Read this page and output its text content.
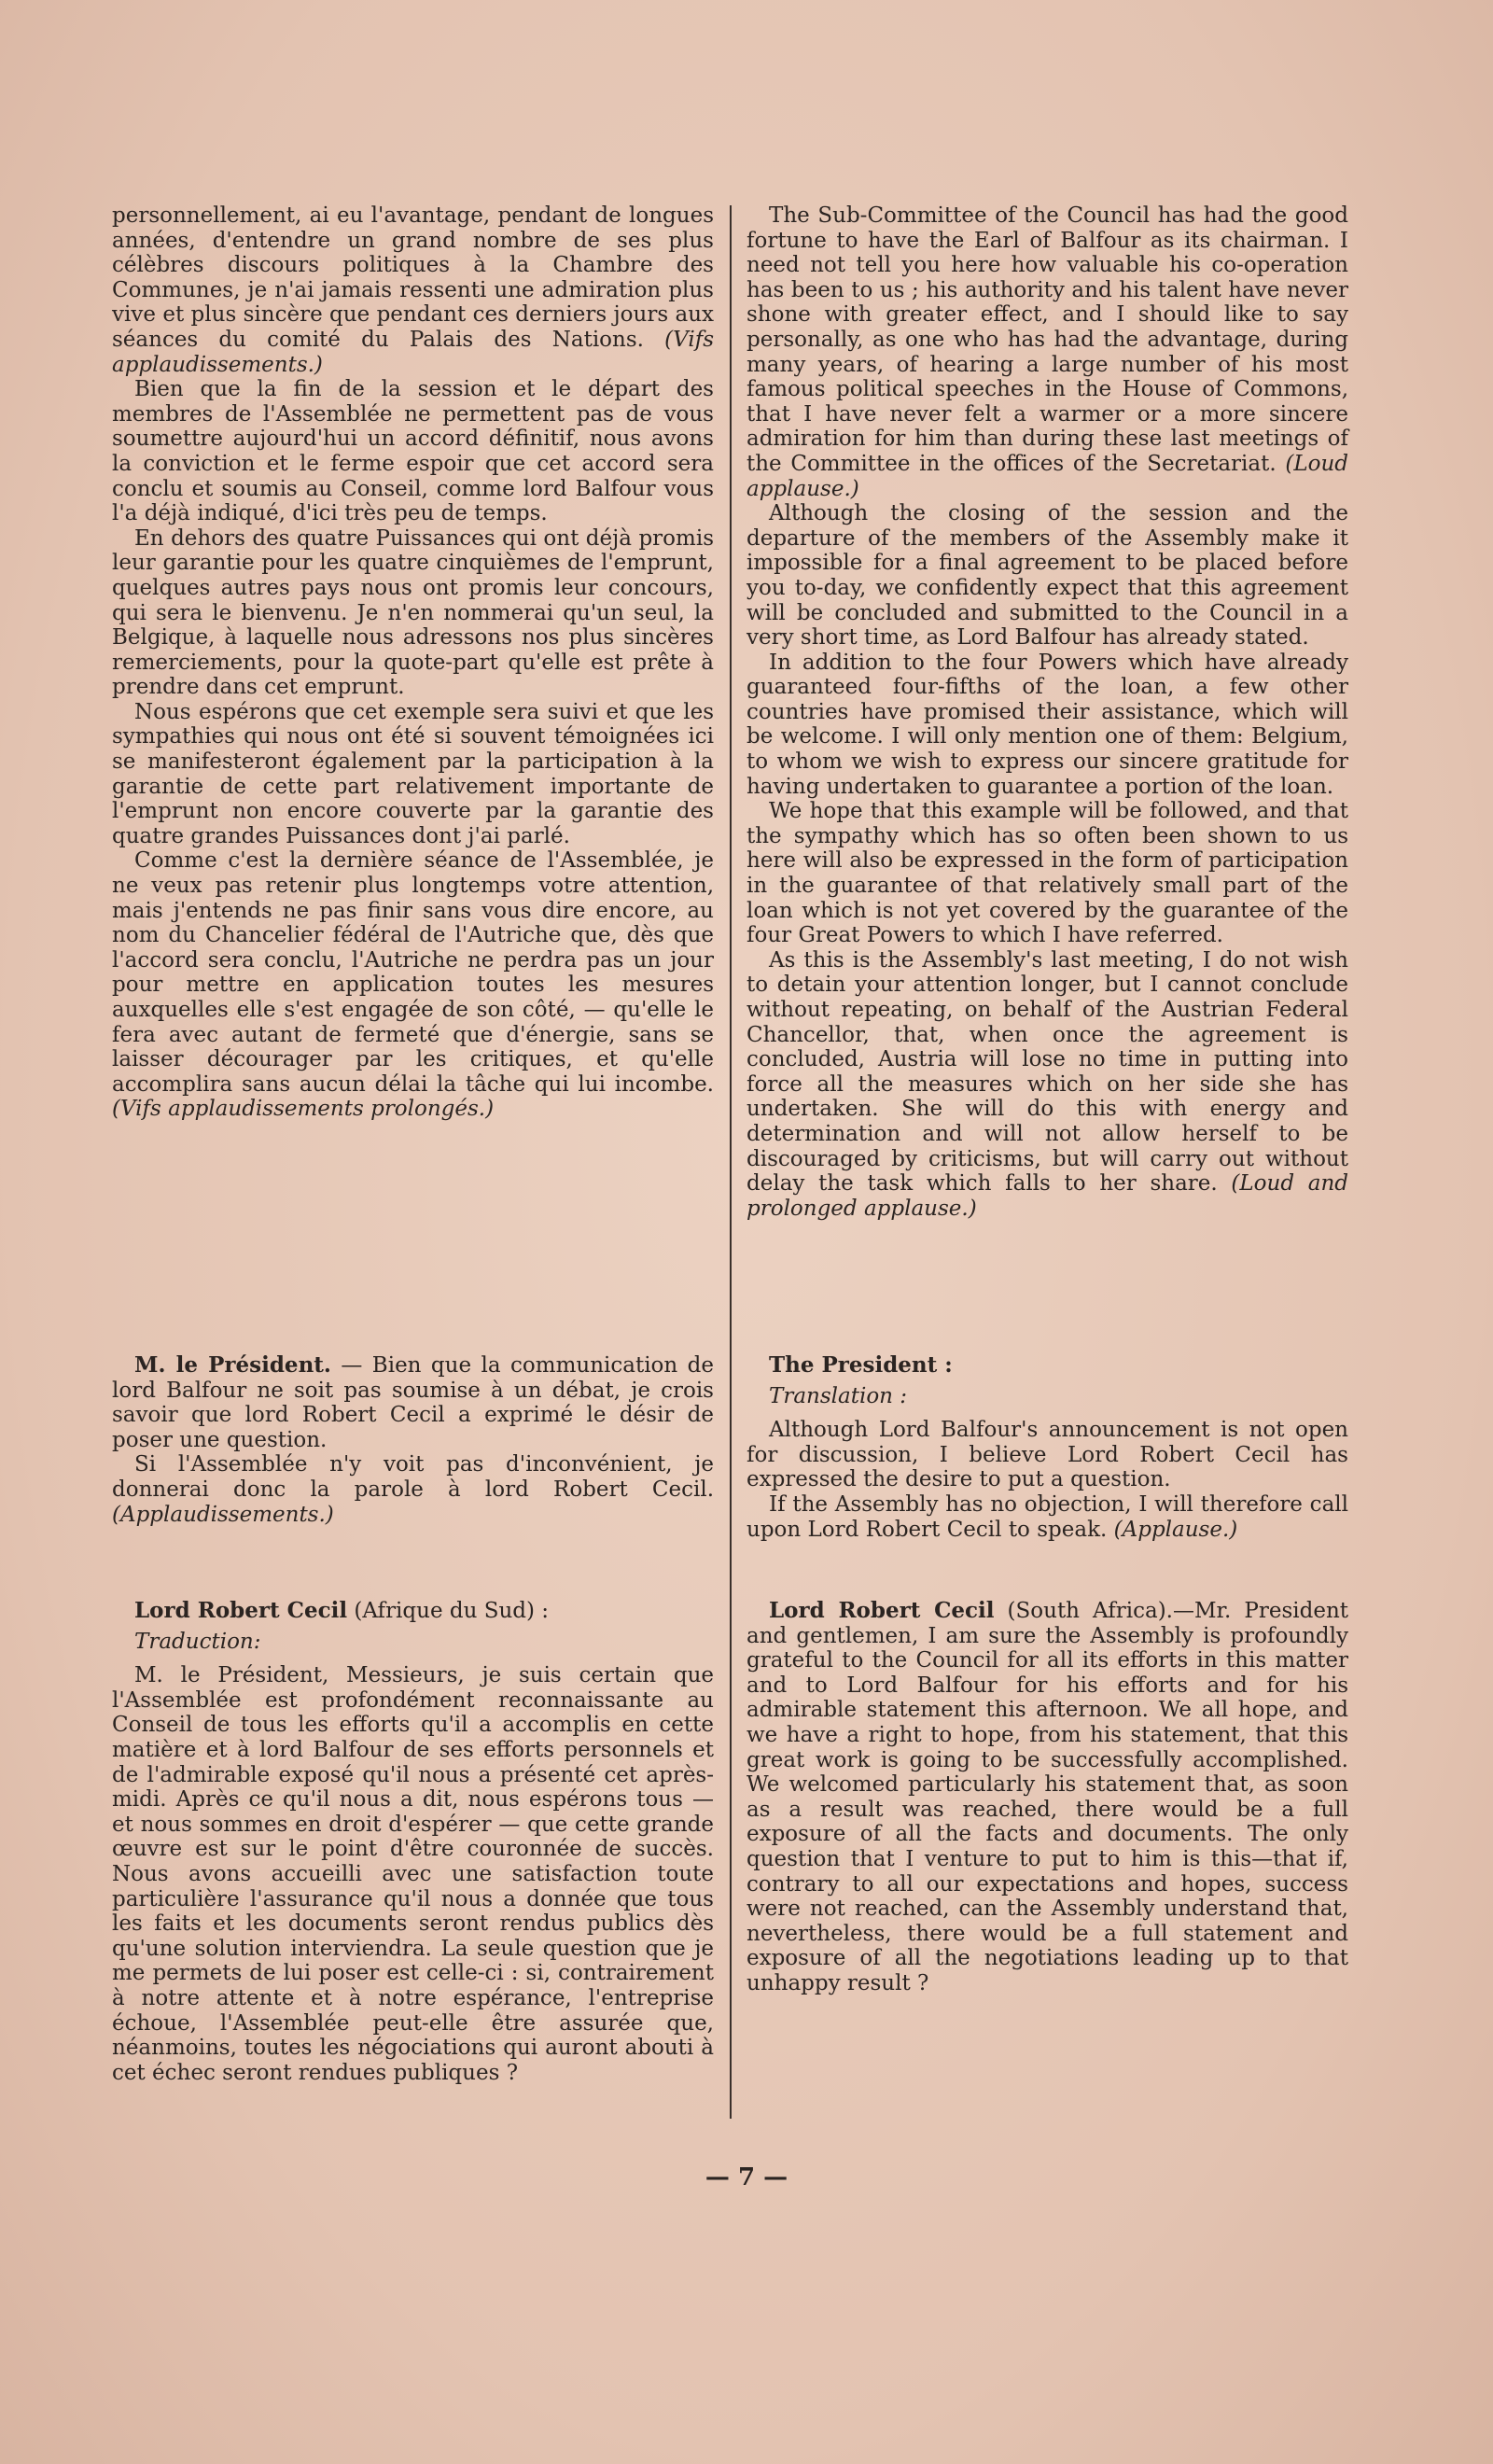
personnellement, ai eu l'avantage, pendant de longues années, d'entendre un grand nombre de ses plus célèbres discours politiques à la Chambre des Communes, je n'ai jamais ressenti une admiration plus vive et plus sincère que pendant ces derniers jours aux séances du comité du Palais des Nations. (Vifs applaudissements.)

Bien que la fin de la session et le départ des membres de l'Assemblée ne permettent pas de vous soumettre aujourd'hui un accord définitif, nous avons la conviction et le ferme espoir que cet accord sera conclu et soumis au Conseil, comme lord Balfour vous l'a déjà indiqué, d'ici très peu de temps.

En dehors des quatre Puissances qui ont déjà promis leur garantie pour les quatre cinquièmes de l'emprunt, quelques autres pays nous ont promis leur concours, qui sera le bienvenu. Je n'en nommerai qu'un seul, la Belgique, à laquelle nous adressons nos plus sincères remerciements, pour la quote-part qu'elle est prête à prendre dans cet emprunt.

Nous espérons que cet exemple sera suivi et que les sympathies qui nous ont été si souvent témoignées ici se manifesteront également par la participation à la garantie de cette part relativement importante de l'emprunt non encore couverte par la garantie des quatre grandes Puissances dont j'ai parlé.

Comme c'est la dernière séance de l'Assemblée, je ne veux pas retenir plus longtemps votre attention, mais j'entends ne pas finir sans vous dire encore, au nom du Chancelier fédéral de l'Autriche que, dès que l'accord sera conclu, l'Autriche ne perdra pas un jour pour mettre en application toutes les mesures auxquelles elle s'est engagée de son côté, — qu'elle le fera avec autant de fermeté que d'énergie, sans se laisser décourager par les critiques, et qu'elle accomplira sans aucun délai la tâche qui lui incombe. (Vifs applaudissements prolongés.)

M. le Président. — Bien que la communication de lord Balfour ne soit pas soumise à un débat, je crois savoir que lord Robert Cecil a exprimé le désir de poser une question.

Si l'Assemblée n'y voit pas d'inconvénient, je donnerai donc la parole à lord Robert Cecil. (Applaudissements.)

Lord Robert Cecil (Afrique du Sud) :

Traduction:

M. le Président, Messieurs, je suis certain que l'Assemblée est profondément reconnaissante au Conseil de tous les efforts qu'il a accomplis en cette matière et à lord Balfour de ses efforts personnels et de l'admirable exposé qu'il nous a présenté cet après-midi. Après ce qu'il nous a dit, nous espérons tous — et nous sommes en droit d'espérer — que cette grande œuvre est sur le point d'être couronnée de succès. Nous avons accueilli avec une satisfaction toute particulière l'assurance qu'il nous a donnée que tous les faits et les documents seront rendus publics dès qu'une solution interviendra. La seule question que je me permets de lui poser est celle-ci : si, contrairement à notre attente et à notre espérance, l'entreprise échoue, l'Assemblée peut-elle être assurée que, néanmoins, toutes les négociations qui auront abouti à cet échec seront rendues publiques ?

The Sub-Committee of the Council has had the good fortune to have the Earl of Balfour as its chairman. I need not tell you here how valuable his co-operation has been to us ; his authority and his talent have never shone with greater effect, and I should like to say personally, as one who has had the advantage, during many years, of hearing a large number of his most famous political speeches in the House of Commons, that I have never felt a warmer or a more sincere admiration for him than during these last meetings of the Committee in the offices of the Secretariat. (Loud applause.)

Although the closing of the session and the departure of the members of the Assembly make it impossible for a final agreement to be placed before you to-day, we confidently expect that this agreement will be concluded and submitted to the Council in a very short time, as Lord Balfour has already stated.

In addition to the four Powers which have already guaranteed four-fifths of the loan, a few other countries have promised their assistance, which will be welcome. I will only mention one of them: Belgium, to whom we wish to express our sincere gratitude for having undertaken to guarantee a portion of the loan.

We hope that this example will be followed, and that the sympathy which has so often been shown to us here will also be expressed in the form of participation in the guarantee of that relatively small part of the loan which is not yet covered by the guarantee of the four Great Powers to which I have referred.

As this is the Assembly's last meeting, I do not wish to detain your attention longer, but I cannot conclude without repeating, on behalf of the Austrian Federal Chancellor, that, when once the agreement is concluded, Austria will lose no time in putting into force all the measures which on her side she has undertaken. She will do this with energy and determination and will not allow herself to be discouraged by criticisms, but will carry out without delay the task which falls to her share. (Loud and prolonged applause.)

The President :

Translation :

Although Lord Balfour's announcement is not open for discussion, I believe Lord Robert Cecil has expressed the desire to put a question.

If the Assembly has no objection, I will therefore call upon Lord Robert Cecil to speak. (Applause.)

Lord Robert Cecil (South Africa).—Mr. President and gentlemen, I am sure the Assembly is profoundly grateful to the Council for all its efforts in this matter and to Lord Balfour for his efforts and for his admirable statement this afternoon. We all hope, and we have a right to hope, from his statement, that this great work is going to be successfully accomplished. We welcomed particularly his statement that, as soon as a result was reached, there would be a full exposure of all the facts and documents. The only question that I venture to put to him is this—that if, contrary to all our expectations and hopes, success were not reached, can the Assembly understand that, nevertheless, there would be a full statement and exposure of all the negotiations leading up to that unhappy result ?

— 7 —
